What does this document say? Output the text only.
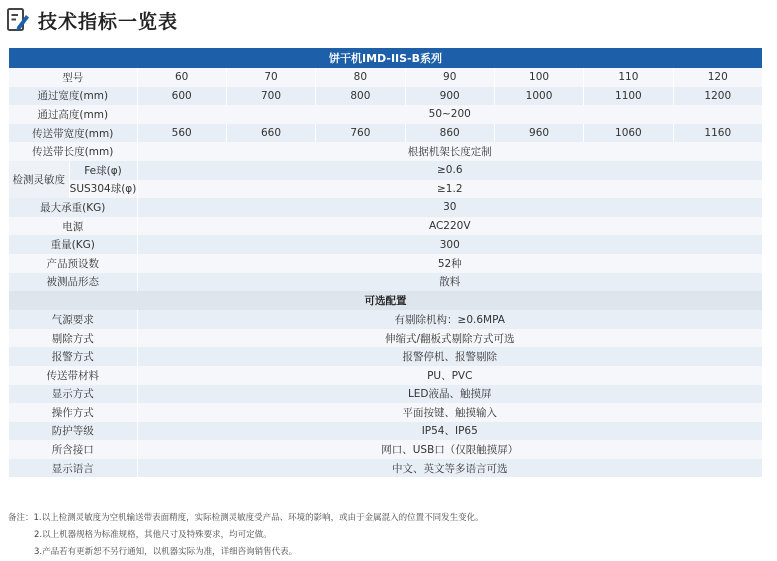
技术指标一览表
饼干机IMD-IIS-B系列								
型号		60	70	80	90	100	110	120
通过宽度(mm)		600	700	800	900	1000	1100	1200
通过高度(mm)		50~200						
传送带宽度(mm)		560	660	760	860	960	1060	1160
传送带长度(mm)		根据机架长度定制						
检测灵敏度	Fe球(φ)	≥0.6						
	SUS304球(φ)	≥1.2						
最大承重(KG)		30						
电源		AC220V						
重量(KG)		300						
产品预设数		52种						
被测品形态		散料						
可选配置								
气源要求		有剔除机构：≥0.6MPA						
剔除方式		伸缩式/翻板式剔除方式可选						
报警方式		报警停机、报警剔除						
传送带材料		PU、PVC						
显示方式		LED液晶、触摸屏						
操作方式		平面按键、触摸输入						
防护等级		IP54、IP65						
所含接口		网口、USB口（仅限触摸屏）						
显示语言		中文、英文等多语言可选						
备注：1.以上检测灵敏度为空机输送带表面精度，实际检测灵敏度受产品、环境的影响，或由于金属混入的位置不同发生变化。
2.以上机器规格为标准规格，其他尺寸及特殊要求，均可定做。
3.产品若有更新恕不另行通知，以机器实际为准，详细咨询销售代表。
